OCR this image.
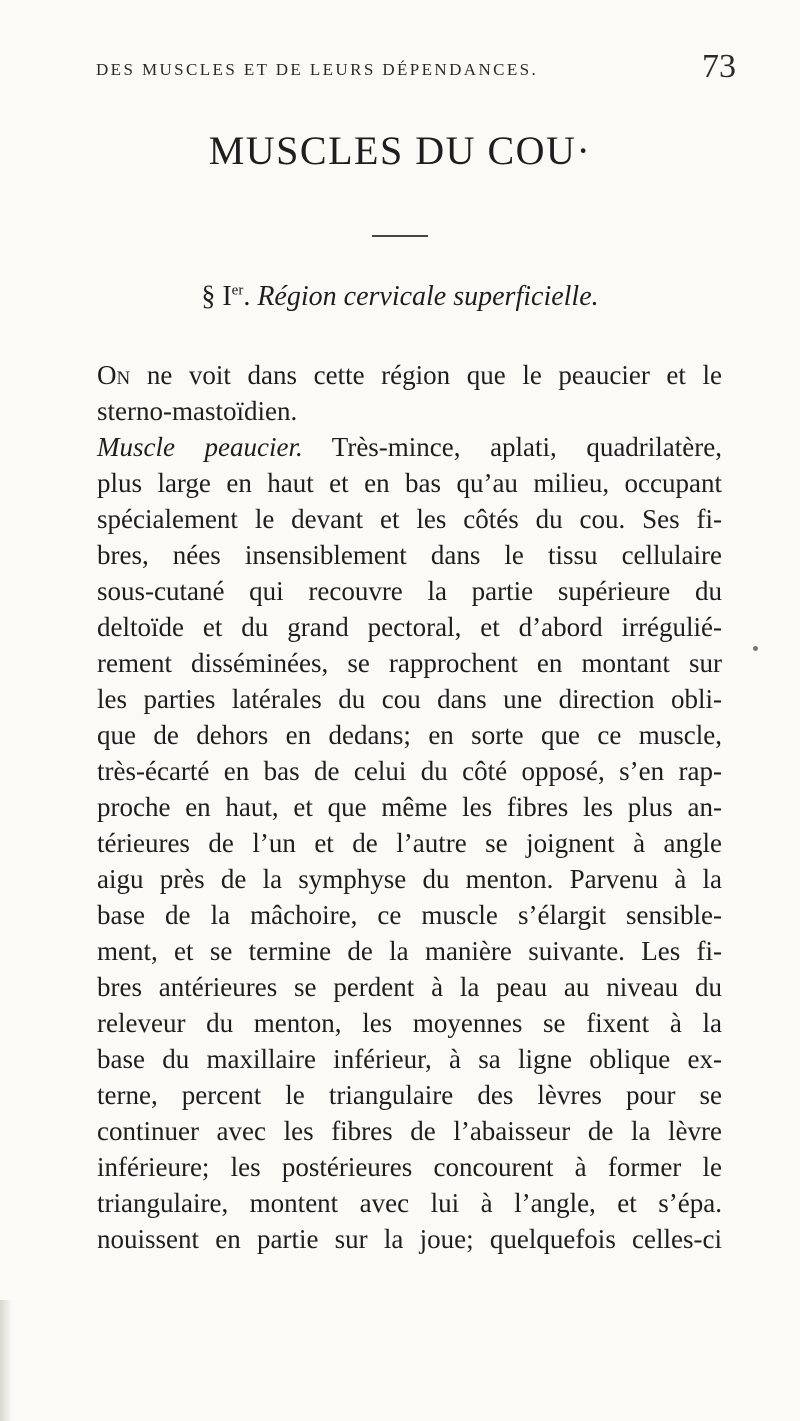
DES MUSCLES ET DE LEURS DÉPENDANCES.	73
MUSCLES DU COU·
§ Ier. Région cervicale superficielle.
On ne voit dans cette région que le peaucier et le
sterno-mastoïdien.
Muscle peaucier. Très-mince, aplati, quadrilatère,
plus large en haut et en bas qu’au milieu, occupant
spécialement le devant et les côtés du cou. Ses fi-
bres, nées insensiblement dans le tissu cellulaire
sous-cutané qui recouvre la partie supérieure du
deltoïde et du grand pectoral, et d’abord irrégulié-
rement disséminées, se rapprochent en montant sur
les parties latérales du cou dans une direction obli-
que de dehors en dedans; en sorte que ce muscle,
très-écarté en bas de celui du côté opposé, s’en rap-
proche en haut, et que même les fibres les plus an-
térieures de l’un et de l’autre se joignent à angle
aigu près de la symphyse du menton. Parvenu à la
base de la mâchoire, ce muscle s’élargit sensible-
ment, et se termine de la manière suivante. Les fi-
bres antérieures se perdent à la peau au niveau du
releveur du menton, les moyennes se fixent à la
base du maxillaire inférieur, à sa ligne oblique ex-
terne, percent le triangulaire des lèvres pour se
continuer avec les fibres de l’abaisseur de la lèvre
inférieure; les postérieures concourent à former le
triangulaire, montent avec lui à l’angle, et s’épa.
nouissent en partie sur la joue; quelquefois celles-ci
